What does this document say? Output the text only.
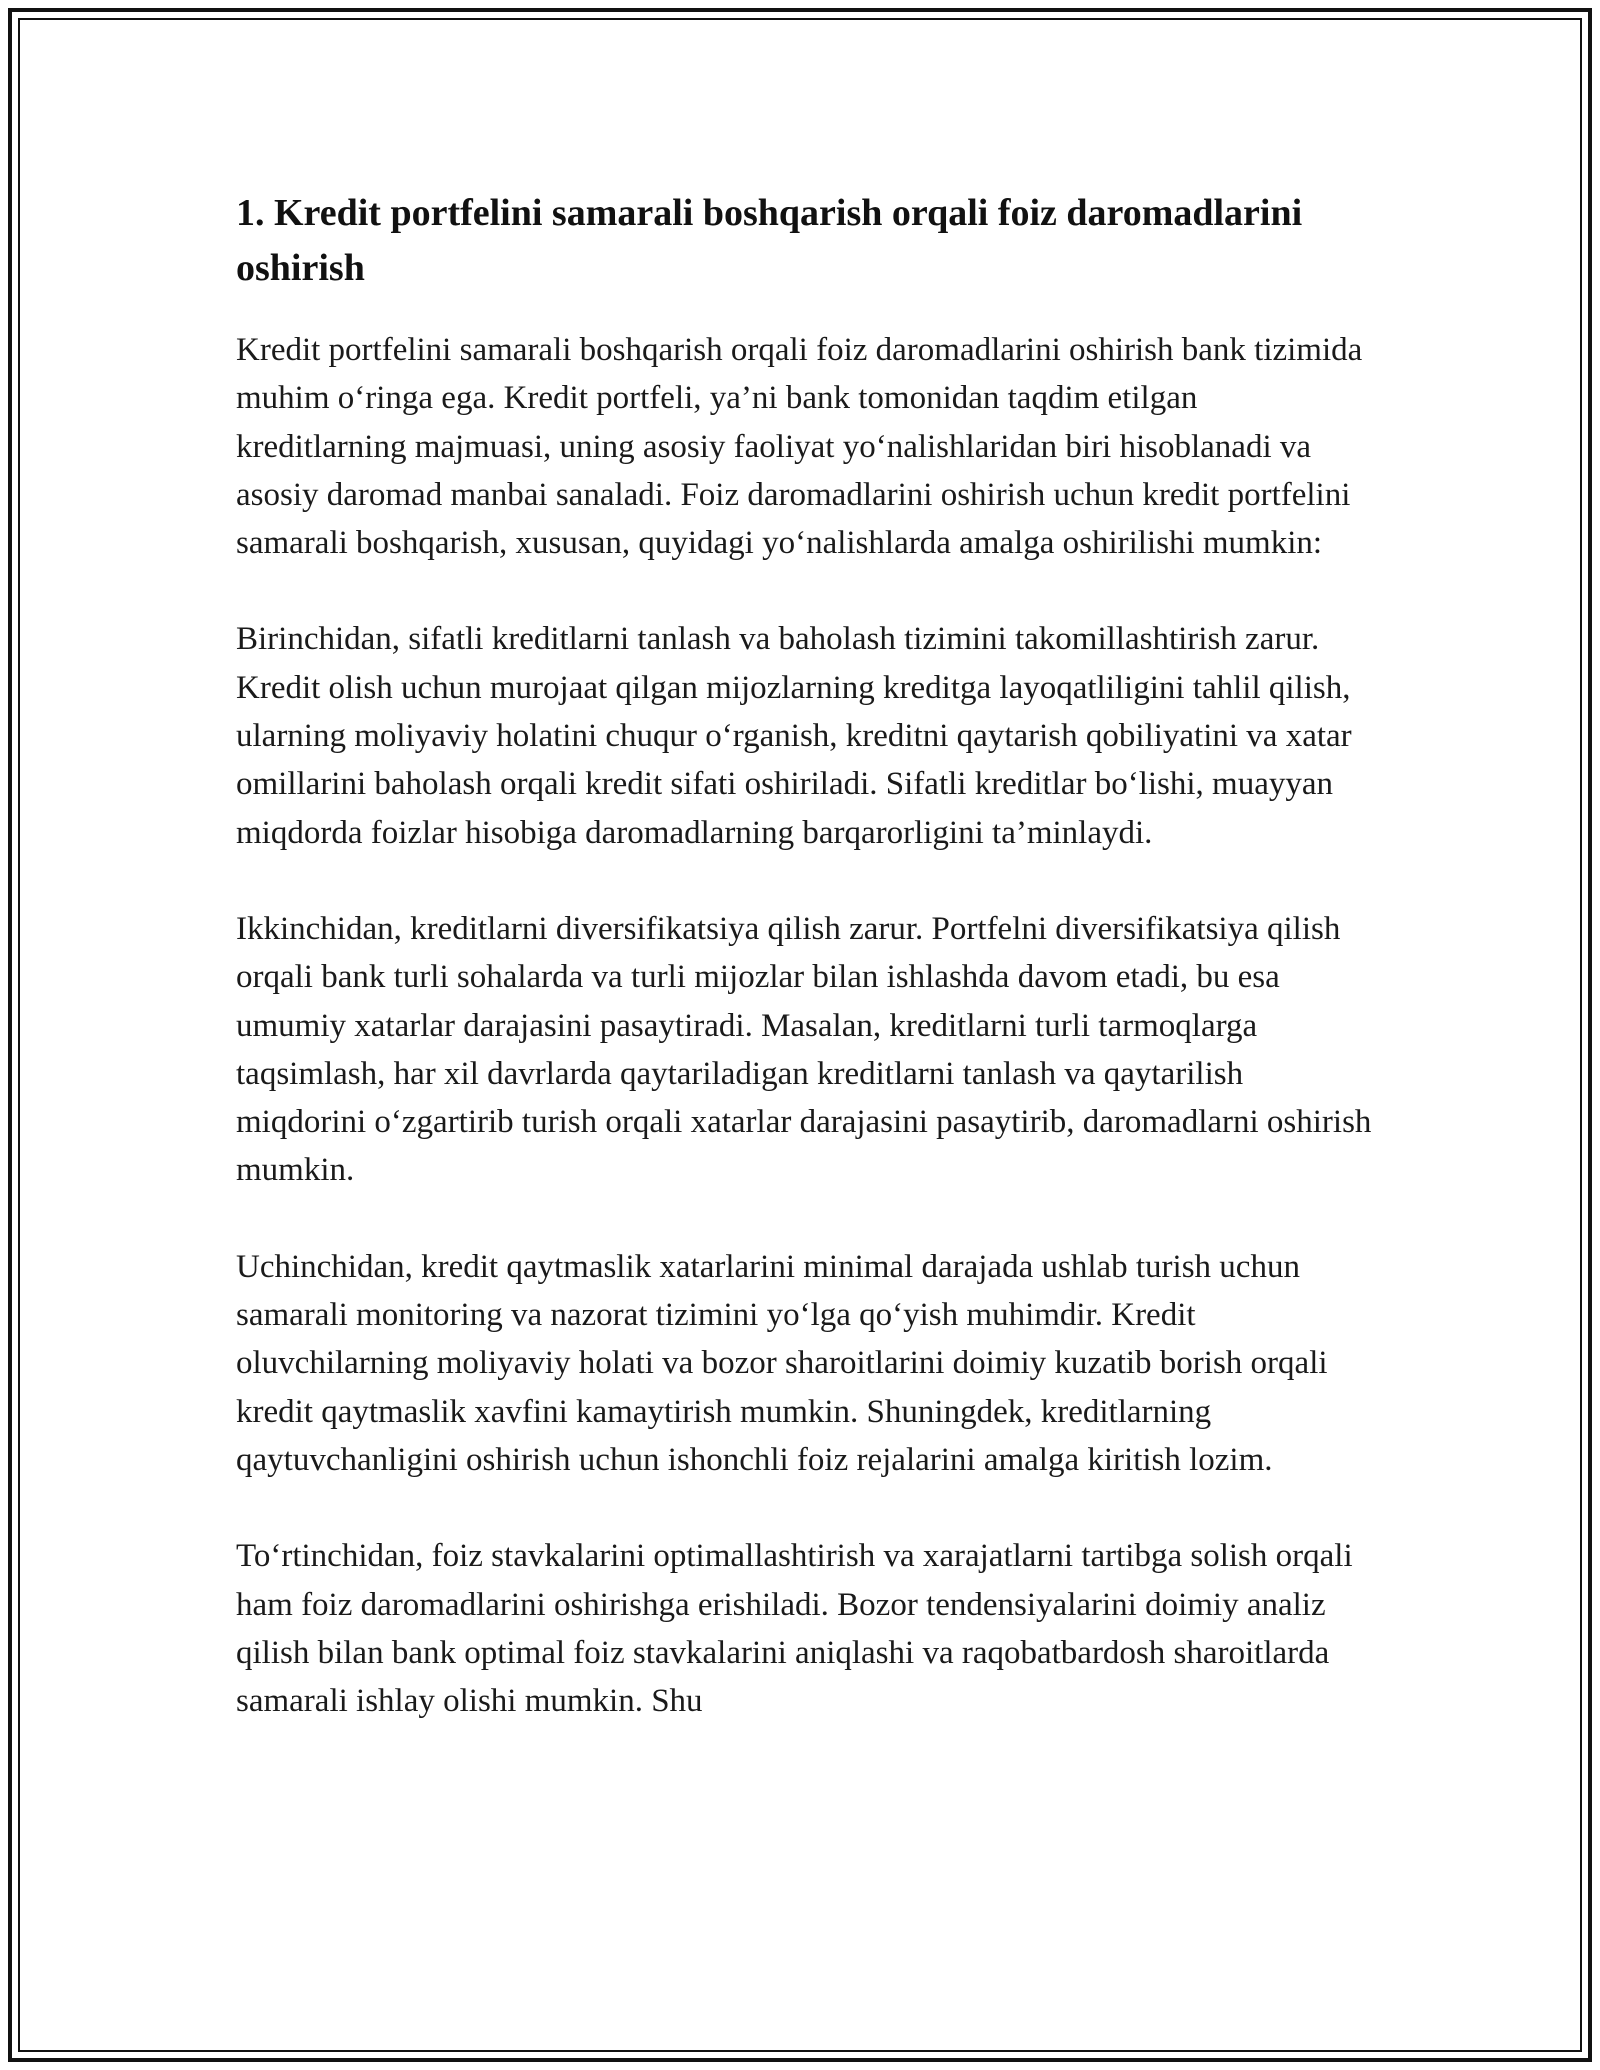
1. Kredit portfelini samarali boshqarish orqali foiz daromadlarini oshirish

Kredit portfelini samarali boshqarish orqali foiz daromadlarini oshirish bank tizimida muhim o‘ringa ega. Kredit portfeli, ya’ni bank tomonidan taqdim etilgan kreditlarning majmuasi, uning asosiy faoliyat yo‘nalishlaridan biri hisoblanadi va asosiy daromad manbai sanaladi. Foiz daromadlarini oshirish uchun kredit portfelini samarali boshqarish, xususan, quyidagi yo‘nalishlarda amalga oshirilishi mumkin:

Birinchidan, sifatli kreditlarni tanlash va baholash tizimini takomillashtirish zarur. Kredit olish uchun murojaat qilgan mijozlarning kreditga layoqatliligini tahlil qilish, ularning moliyaviy holatini chuqur o‘rganish, kreditni qaytarish qobiliyatini va xatar omillarini baholash orqali kredit sifati oshiriladi. Sifatli kreditlar bo‘lishi, muayyan miqdorda foizlar hisobiga daromadlarning barqarorligini ta’minlaydi.

Ikkinchidan, kreditlarni diversifikatsiya qilish zarur. Portfelni diversifikatsiya qilish orqali bank turli sohalarda va turli mijozlar bilan ishlashda davom etadi, bu esa umumiy xatarlar darajasini pasaytiradi. Masalan, kreditlarni turli tarmoqlarga taqsimlash, har xil davrlarda qaytariladigan kreditlarni tanlash va qaytarilish miqdorini o‘zgartirib turish orqali xatarlar darajasini pasaytirib, daromadlarni oshirish mumkin.

Uchinchidan, kredit qaytmaslik xatarlarini minimal darajada ushlab turish uchun samarali monitoring va nazorat tizimini yo‘lga qo‘yish muhimdir. Kredit oluvchilarning moliyaviy holati va bozor sharoitlarini doimiy kuzatib borish orqali kredit qaytmaslik xavfini kamaytirish mumkin. Shuningdek, kreditlarning qaytuvchanligini oshirish uchun ishonchli foiz rejalarini amalga kiritish lozim.

To‘rtinchidan, foiz stavkalarini optimallashtirish va xarajatlarni tartibga solish orqali ham foiz daromadlarini oshirishga erishiladi. Bozor tendensiyalarini doimiy analiz qilish bilan bank optimal foiz stavkalarini aniqlashi va raqobatbardosh sharoitlarda samarali ishlay olishi mumkin. Shu
